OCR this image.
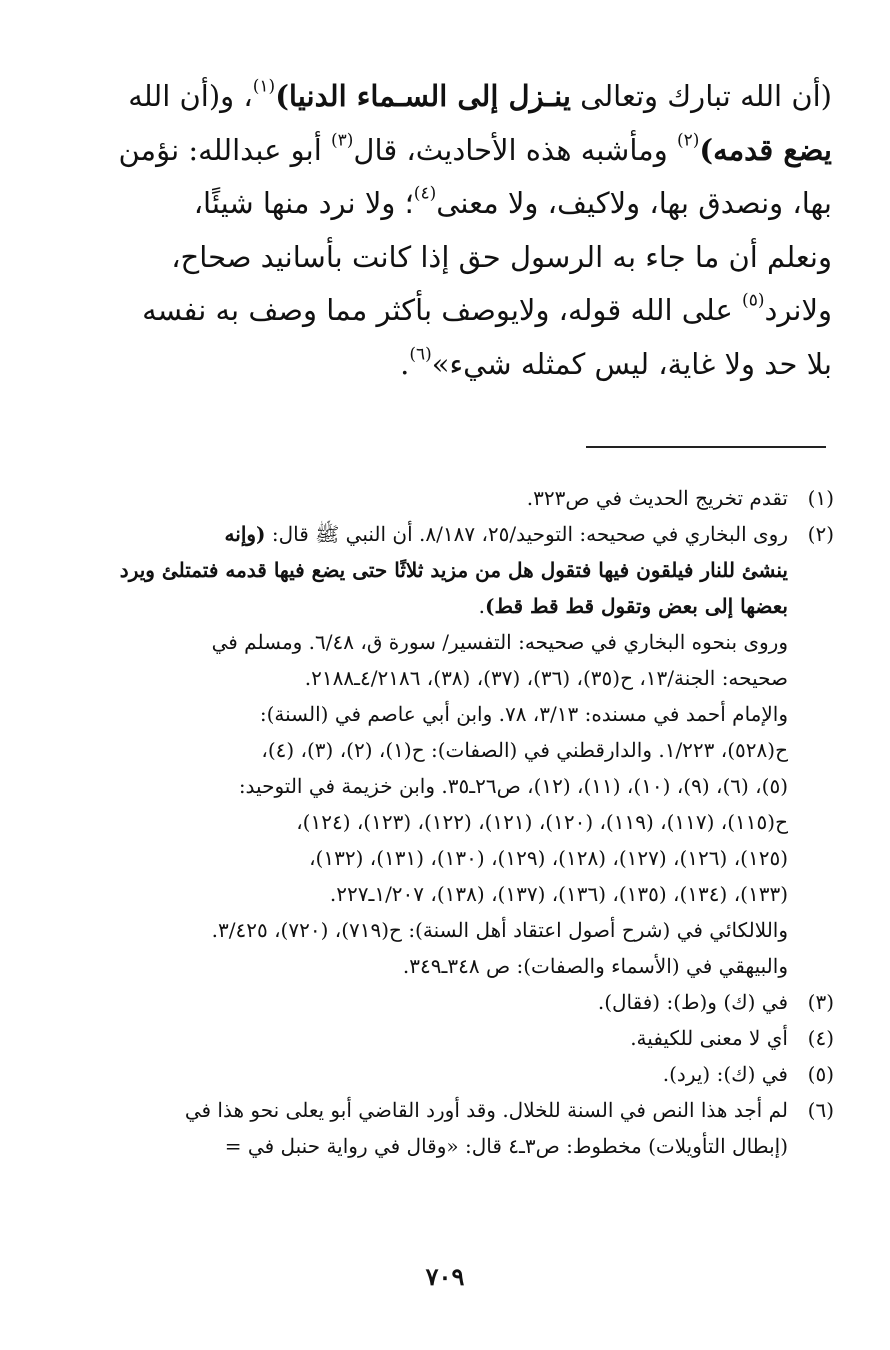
(أن الله تبارك وتعالى ينـزل إلى السـماء الدنيا)$^{(١)}$، و(أن الله
يضع قدمه)$^{(٢)}$ ومأشبه هذه الأحاديث، قال$^{(٣)}$ أبو عبدالله: نؤمن
بها، ونصدق بها، ولاكيف، ولا معنى$^{(٤)}$؛ ولا نرد منها شيئًا،
ونعلم أن ما جاء به الرسول حق إذا كانت بأسانيد صحاح،
ولانرد$^{(٥)}$ على الله قوله، ولايوصف بأكثر مما وصف به نفسه
بلا حد ولا غاية، ليس كمثله شيء»$^{(٦)}$.
(١)
تقدم تخريج الحديث في ص٣٢٣.
(٢)
روى البخاري في صحيحه: التوحيد/٢٥، ٨/١٨٧. أن النبي ﷺ قال: (وإنه
ينشئ للنار فيلقون فيها فتقول هل من مزيد ثلاثًا حتى يضع فيها قدمه فتمتلئ ويرد
بعضها إلى بعض وتقول قط قط قط).
وروى بنحوه البخاري في صحيحه: التفسير/ سورة ق، ٦/٤٨. ومسلم في
صحيحه: الجنة/١٣، ح(٣٥)، (٣٦)، (٣٧)، (٣٨)، ٤/٢١٨٦ـ٢١٨٨.
والإمام أحمد في مسنده: ٣/١٣، ٧٨. وابن أبي عاصم في (السنة):
ح(٥٢٨)، ١/٢٢٣. والدارقطني في (الصفات): ح(١)، (٢)، (٣)، (٤)،
(٥)، (٦)، (٩)، (١٠)، (١١)، (١٢)، ص٢٦ـ٣٥. وابن خزيمة في التوحيد:
ح(١١٥)، (١١٧)، (١١٩)، (١٢٠)، (١٢١)، (١٢٢)، (١٢٣)، (١٢٤)،
(١٢٥)، (١٢٦)، (١٢٧)، (١٢٨)، (١٢٩)، (١٣٠)، (١٣١)، (١٣٢)،
(١٣٣)، (١٣٤)، (١٣٥)، (١٣٦)، (١٣٧)، (١٣٨)، ١/٢٠٧ـ٢٢٧.
واللالكائي في (شرح أصول اعتقاد أهل السنة): ح(٧١٩)، (٧٢٠)، ٣/٤٢٥.
والبيهقي في (الأسماء والصفات): ص ٣٤٨ـ٣٤٩.
(٣)
في (ك) و(ط): (فقال).
(٤)
أي لا معنى للكيفية.
(٥)
في (ك): (يرد).
(٦)
لم أجد هذا النص في السنة للخلال. وقد أورد القاضي أبو يعلى نحو هذا في
(إبطال التأويلات) مخطوط: ص٣ـ٤ قال: «وقال في رواية حنبل في =
٧٠٩
